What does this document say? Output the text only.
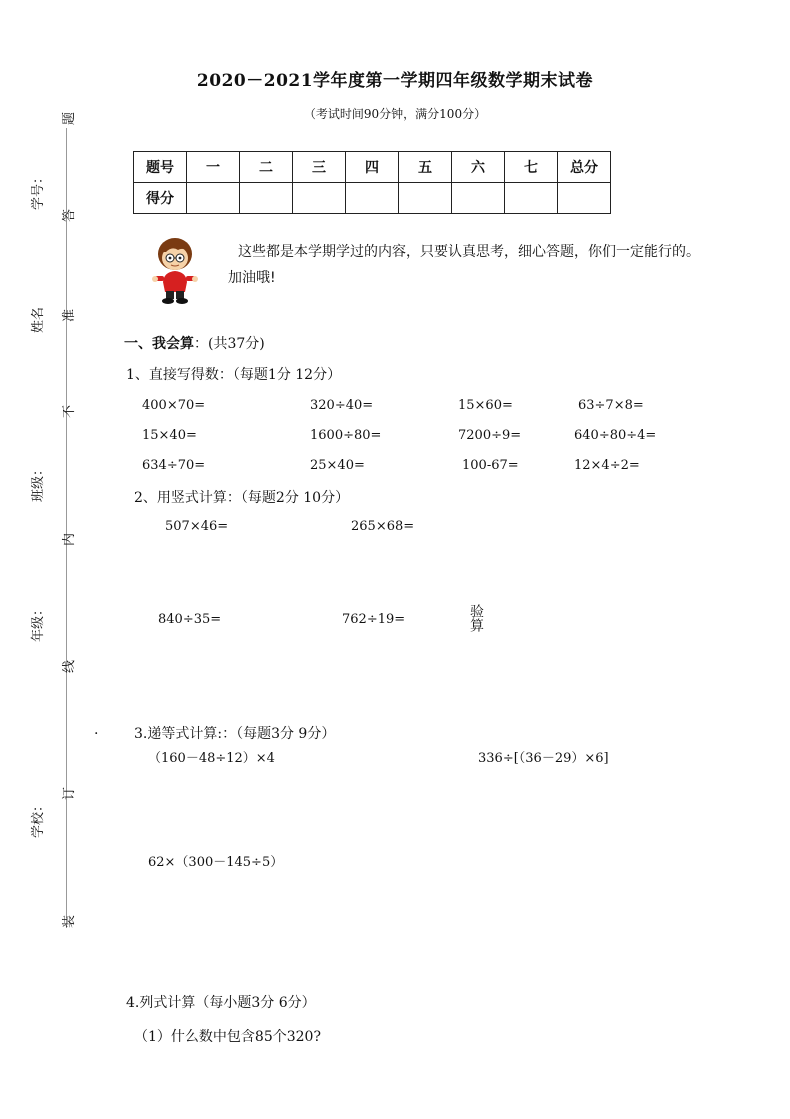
2020－2021学年度第一学期四年级数学期末试卷
（考试时间90分钟，满分100分）
学号：
姓名
班级：
年级：
学校：
题
答
准
不
内
线
订
装
题号	一	二	三	四	五	六	七	总分
得分								
这些都是本学期学过的内容，只要认真思考，细心答题，你们一定能行的。加油哦!
一、我会算：(共37分)
1、直接写得数：（每题1分 12分）
400×70=	320÷40=	15×60=	63÷7×8=
15×40=	1600÷80=	7200÷9=	640÷80÷4=
634÷70=	25×40=	100-67=	12×4÷2=
2、用竖式计算：（每题2分 10分）
507×46=	265×68=
840÷35=	762÷19=	验算
.	3.递等式计算:：（每题3分 9分）
（160－48÷12）×4	336÷[（36－29）×6]
62×（300－145÷5）
4.列式计算（每小题3分 6分）
（1）什么数中包含85个320?
